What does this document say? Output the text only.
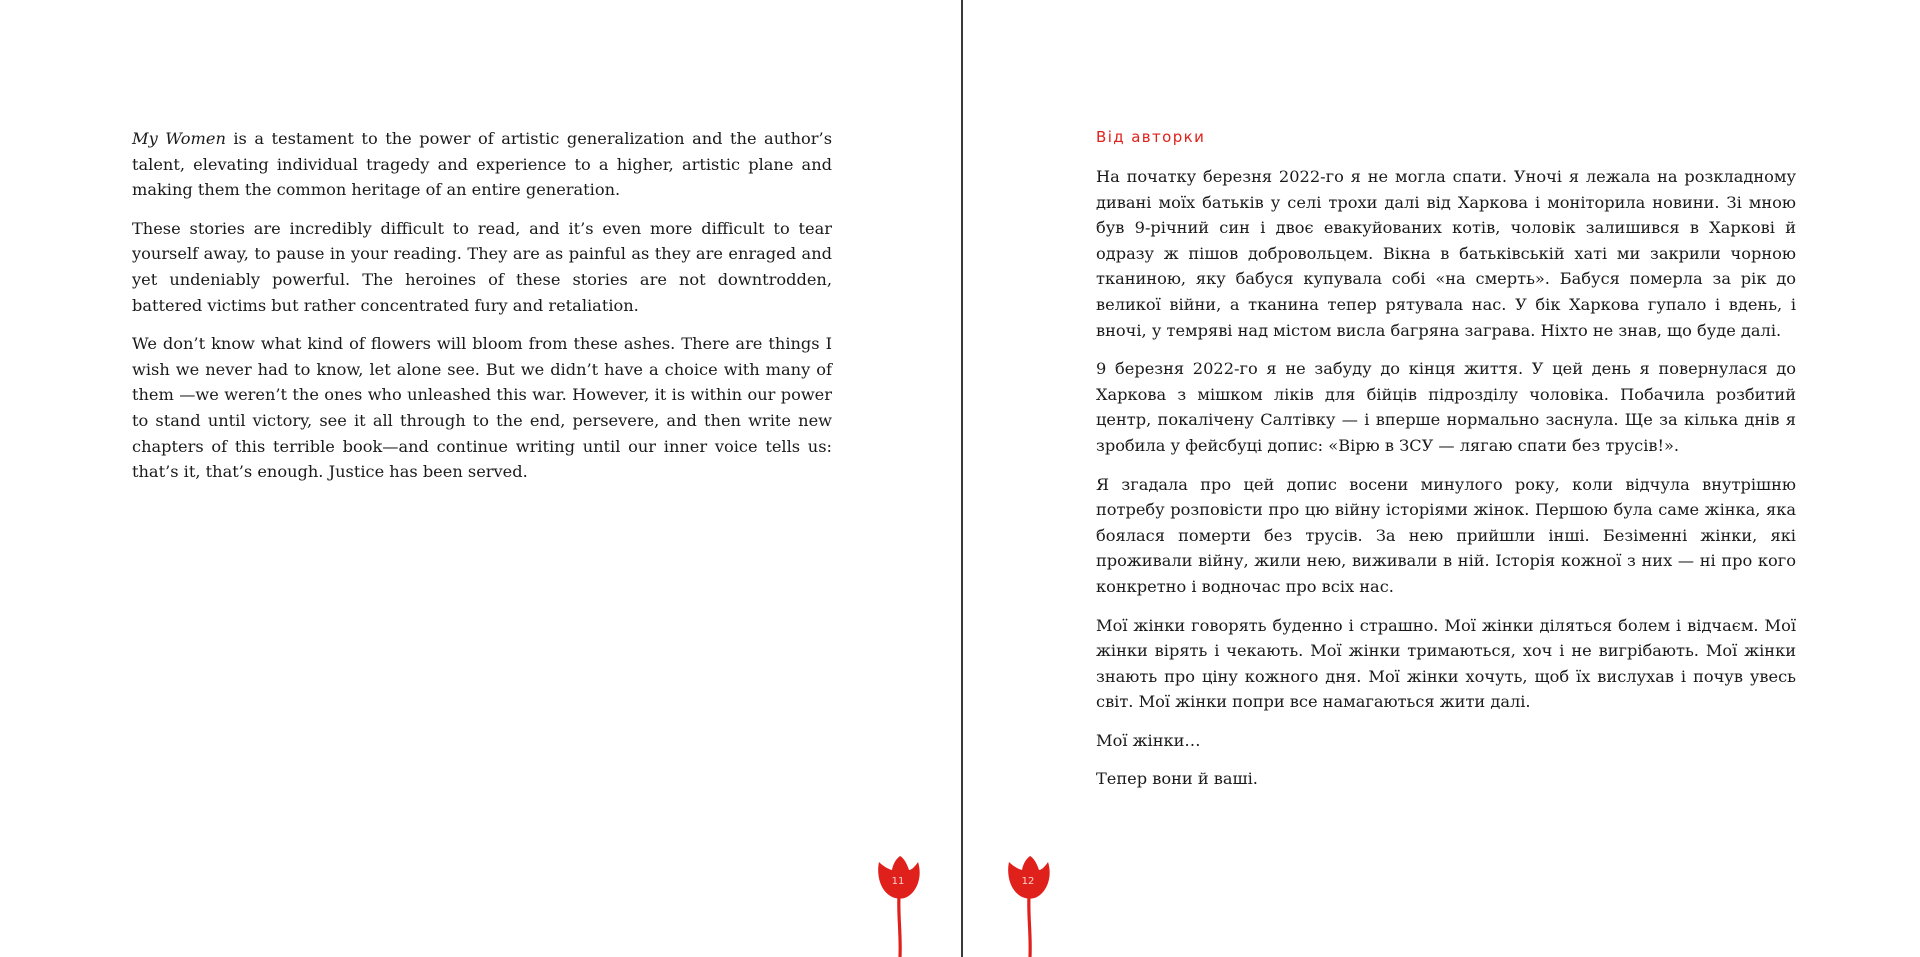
My Women is a testament to the power of artistic generalization and the author’s talent, elevating individual tragedy and experience to a higher, artistic plane and making them the common heritage of an entire generation.

These stories are incredibly difficult to read, and it’s even more difficult to tear yourself away, to pause in your reading. They are as painful as they are enraged and yet undeniably powerful. The heroines of these stories are not downtrodden, battered victims but rather concentrated fury and retaliation.

We don’t know what kind of flowers will bloom from these ashes. There are things I wish we never had to know, let alone see. But we didn’t have a choice with many of them —we weren’t the ones who unleashed this war. However, it is within our power to stand until victory, see it all through to the end, persevere, and then write new chapters of this terrible book—and continue writing until our inner voice tells us: that’s it, that’s enough. Justice has been served.

11
Від авторки

На початку березня 2022-го я не могла спати. Уночі я лежала на розкладному дивані моїх батьків у селі трохи далі від Харкова і моніторила новини. Зі мною був 9-річний син і двоє евакуйованих котів, чоловік залишився в Харкові й одразу ж пішов добровольцем. Вікна в батьківській хаті ми закрили чорною тканиною, яку бабуся купувала собі «на смерть». Бабуся померла за рік до великої війни, а тканина тепер рятувала нас. У бік Харкова гупало і вдень, і вночі, у темряві над містом висла багряна заграва. Ніхто не знав, що буде далі.

9 березня 2022-го я не забуду до кінця життя. У цей день я повернулася до Харкова з мішком ліків для бійців підрозділу чоловіка. Побачила розбитий центр, покалічену Салтівку — і вперше нормально заснула. Ще за кілька днів я зробила у фейсбуці допис: «Вірю в ЗСУ — лягаю спати без трусів!».

Я згадала про цей допис восени минулого року, коли відчула внутрішню потребу розповісти про цю війну історіями жінок. Першою була саме жінка, яка боялася померти без трусів. За нею прийшли інші. Безіменні жінки, які проживали війну, жили нею, виживали в ній. Історія кожної з них — ні про кого конкретно і водночас про всіх нас.

Мої жінки говорять буденно і страшно. Мої жінки діляться болем і відчаєм. Мої жінки вірять і чекають. Мої жінки тримаються, хоч і не вигрібають. Мої жінки знають про ціну кожного дня. Мої жінки хочуть, щоб їх вислухав і почув увесь світ. Мої жінки попри все намагаються жити далі.

Мої жінки…

Тепер вони й ваші.

12
